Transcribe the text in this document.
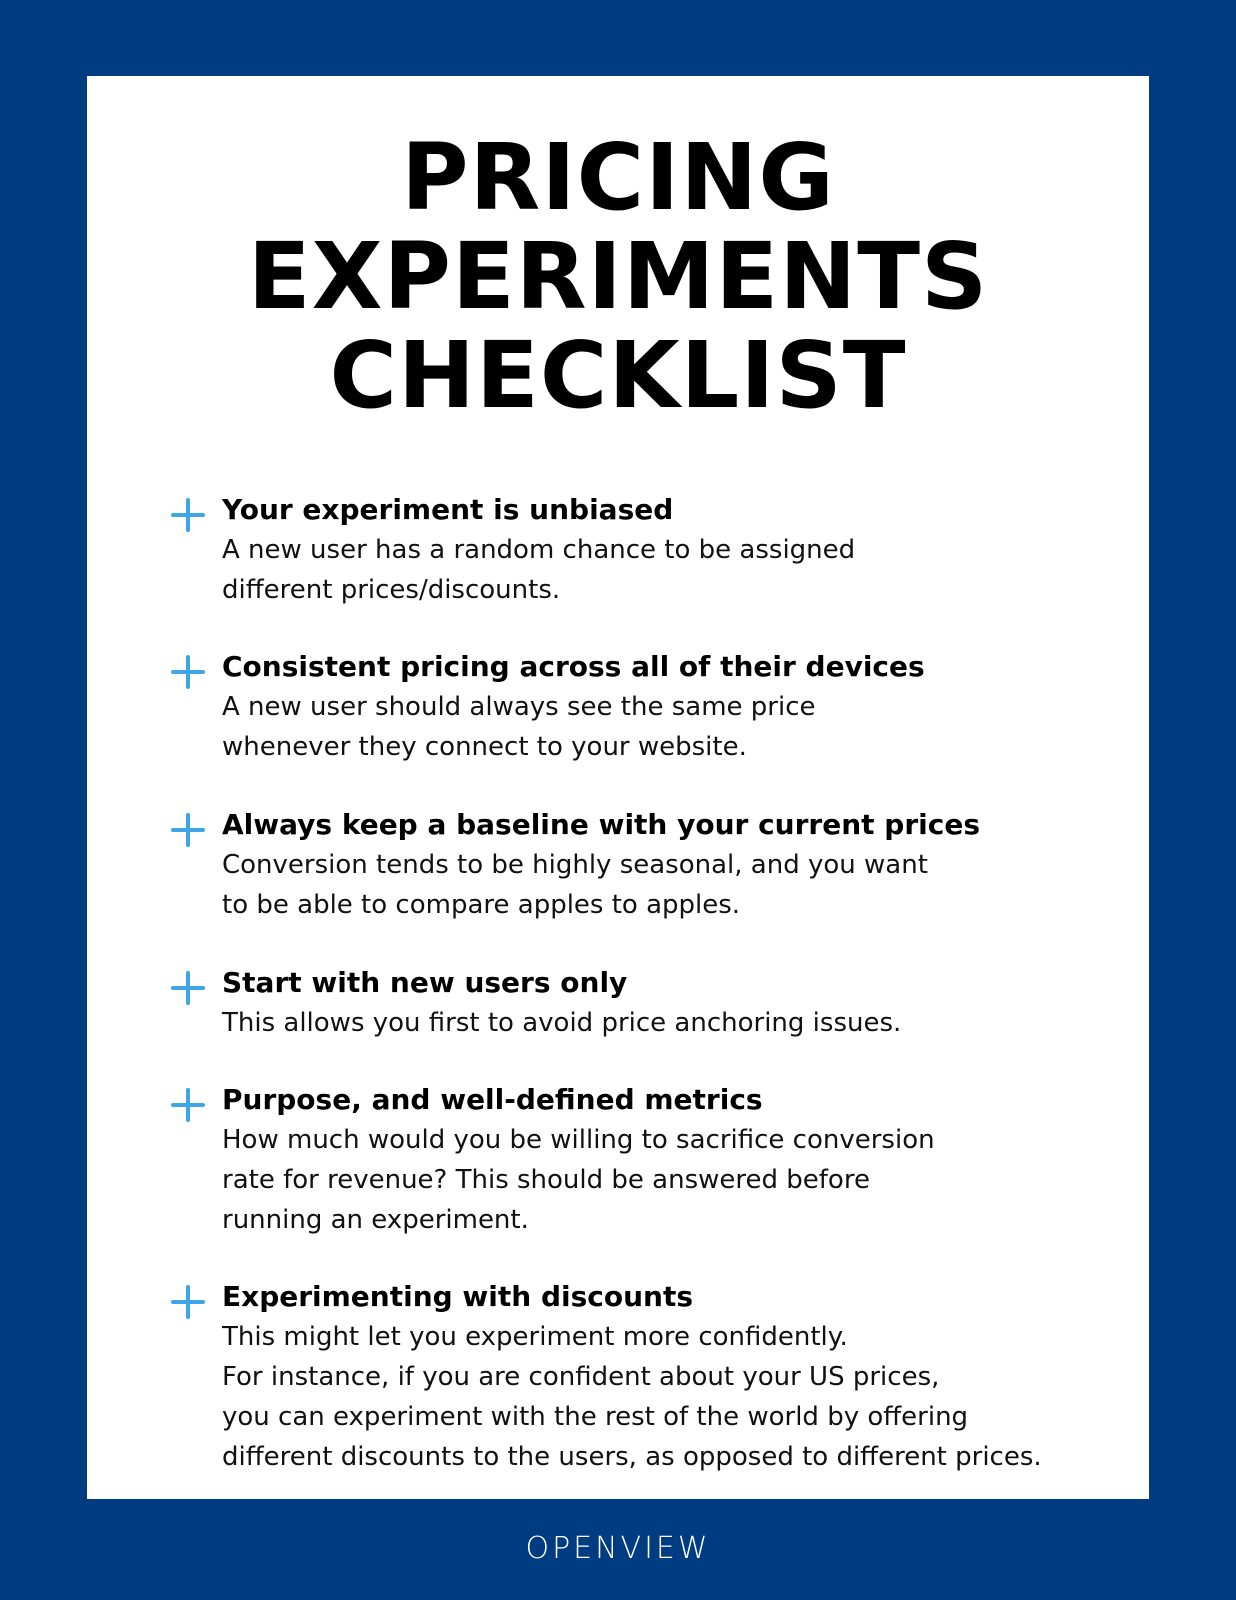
PRICING
EXPERIMENTS
CHECKLIST
Your experiment is unbiased
A new user has a random chance to be assigned
different prices/discounts.
Consistent pricing across all of their devices
A new user should always see the same price
whenever they connect to your website.
Always keep a baseline with your current prices
Conversion tends to be highly seasonal, and you want
to be able to compare apples to apples.
Start with new users only
This allows you first to avoid price anchoring issues.
Purpose, and well-defined metrics
How much would you be willing to sacrifice conversion
rate for revenue? This should be answered before
running an experiment.
Experimenting with discounts
This might let you experiment more confidently.
For instance, if you are confident about your US prices,
you can experiment with the rest of the world by offering
different discounts to the users, as opposed to different prices.
OPENVIEW
